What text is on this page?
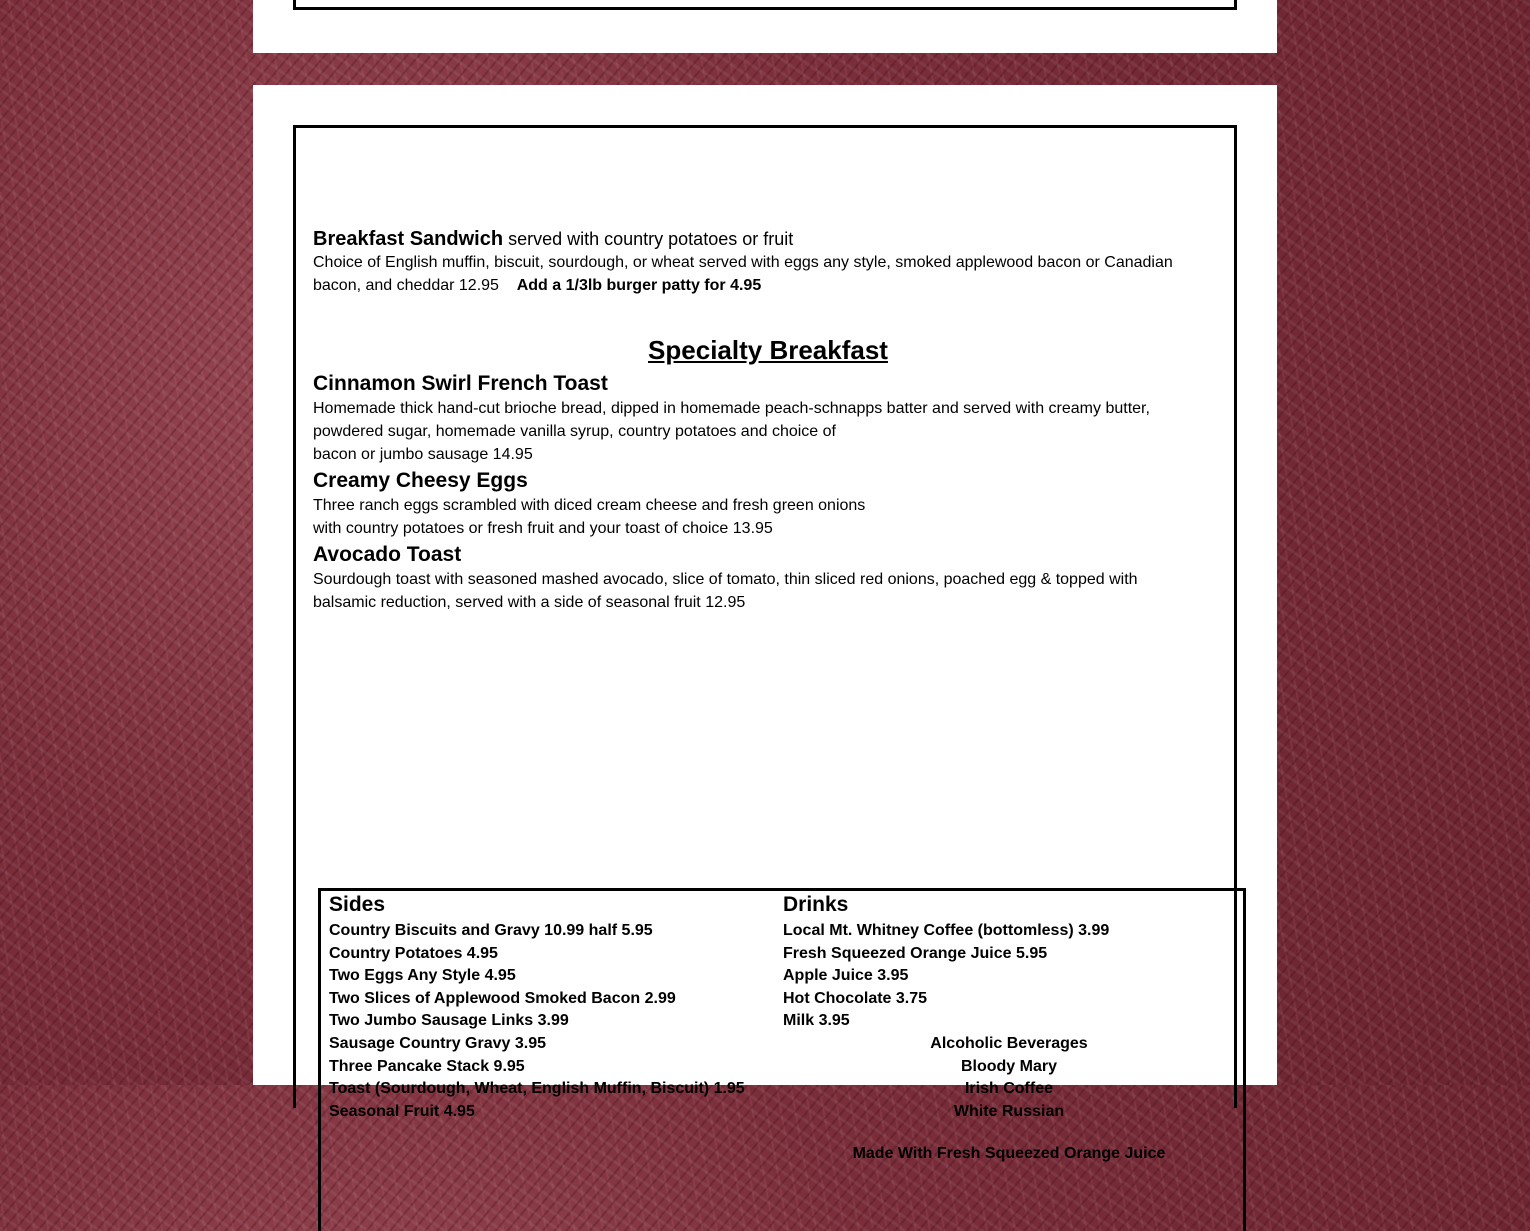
Breakfast Sandwich served with country potatoes or fruit

Choice of English muffin, biscuit, sourdough, or wheat served with eggs any style, smoked applewood bacon or Canadian bacon, and cheddar 12.95 Add a 1/3lb burger patty for 4.95

Specialty Breakfast
Cinnamon Swirl French Toast

Homemade thick hand-cut brioche bread, dipped in homemade peach-schnapps batter and served with creamy butter,
powdered sugar, homemade vanilla syrup, country potatoes and choice of
bacon or jumbo sausage 14.95

Creamy Cheesy Eggs

Three ranch eggs scrambled with diced cream cheese and fresh green onions
with country potatoes or fresh fruit and your toast of choice 13.95

Avocado Toast

Sourdough toast with seasoned mashed avocado, slice of tomato, thin sliced red onions, poached egg & topped with
balsamic reduction, served with a side of seasonal fruit 12.95

Sides
Country Biscuits and Gravy 10.99 half 5.95
Country Potatoes 4.95
Two Eggs Any Style 4.95
Two Slices of Applewood Smoked Bacon 2.99
Two Jumbo Sausage Links 3.99
Sausage Country Gravy 3.95
Three Pancake Stack 9.95
Toast (Sourdough, Wheat, English Muffin, Biscuit) 1.95
Seasonal Fruit 4.95
Drinks
Local Mt. Whitney Coffee (bottomless) 3.99
Fresh Squeezed Orange Juice 5.95
Apple Juice 3.95
Hot Chocolate 3.75
Milk 3.95
Alcoholic Beverages
Bloody Mary
Irish Coffee
White Russian
Made With Fresh Squeezed Orange Juice
